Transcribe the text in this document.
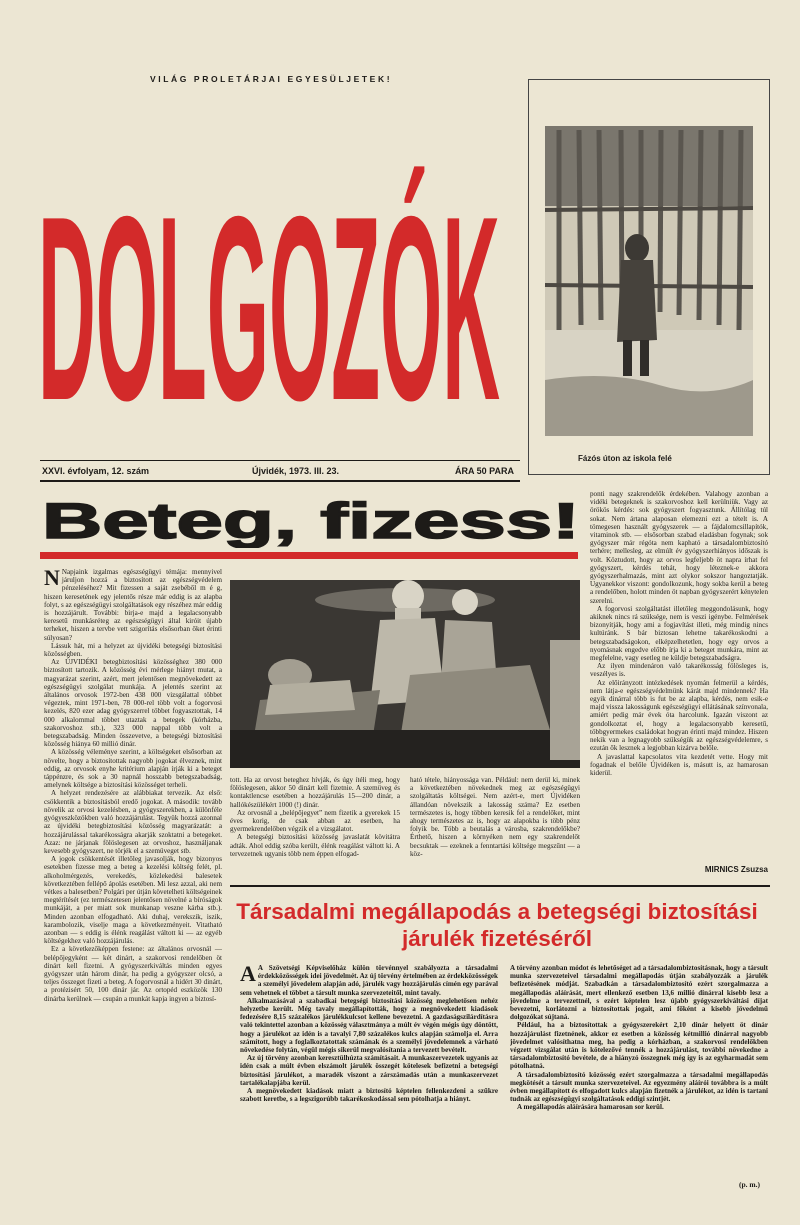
VILÁG PROLETÁRJAI EGYESÜLJETEK!
DOLGOZÓK
Fázós úton az iskola felé
XXVI. évfolyam, 12. szám	Újvidék, 1973. III. 23.	ÁRA 50 PARA
Beteg, fizess!

N Napjaink izgalmas egészségügyi témája: mennyivel járuljon hozzá a biztosított az egészségvédelem pénzeléséhez? Mit fizessen a saját zsebéből m é g, hiszen keresetének egy jelentős része már eddig is az alapba folyt, s az egészségügyi szolgáltatások egy részéhez már eddig is hozzájárult. További: birja-e majd a legalacsonyabb keresetű munkásréteg az egészségügyi által kiróit újabb terheket, hiszen a tervbe vett szigorítás elsősorban őket érinti súlyosan?

Lássuk hát, mi a helyzet az újvidéki betegségi biztosítási közösségben.

Az ÚJVIDÉKI betegbiztosítási közösséghez 380 000 biztosított tartozik. A közösség évi mérlege hiányt mutat, a magyarázat szerint, azért, mert jelentősen megnövekedett az egészségügyi szolgálat munkája. A jelentés szerint az általános orvosok 1972-ben 438 000 vizsgálattal többet végeztek, mint 1971-ben, 78 000-rel több volt a fogorvosi kezelés, 820 ezer adag gyógyszerrel többet fogyasztottak, 14 000 alkalommal többet utaztak a betegek (kórházba, szakorvoshoz stb.), 323 000 nappal több volt a betegszabadság. Minden összevetve, a betegségi biztosítási közösség hiánya 60 millió dinár.

A közösség véleménye szerint, a költségeket elsősorban az növelte, hogy a biztosítottak nagyobb jogokat élveznek, mint eddig, az orvosok enyhe kritérium alapján írják ki a beteget táppénzre, és sok a 30 napnál hosszabb betegszabadság, amelynek költsége a biztosítási közösséget terheli.

A helyzet rendezésére az alábbiakat tervezik. Az első: csökkentik a biztosításból eredő jogokat. A második: tovább növelik az orvosi kezelésben, a gyógyszerekben, a különféle gyógyeszközökben való hozzájárulást. Tegyük hozzá azonnal az újvidéki betegbiztosítási közösség magyarázatát: a hozzájárulással takarékosságra akarják szoktatni a betegeket. Azaz: ne járjanak fölöslegesen az orvoshoz, használjanak kevesebb gyógyszert, ne törjék el a szemüveget stb.

A jogok csökkentését illetőleg javasolják, hogy bizonyos esetekben fizesse meg a beteg a kezelési költség felét, pl. alkoholmérgezés, verekedés, közlekedési balesetek következtében fellépő ápolás esetében. Mi lesz azzal, aki nem vétkes a balesetben? Polgári per útján követelheti költségeinek megtérítését (ez természetesen jelentősen növelné a bíróságok munkáját, a per miatt sok munkanap veszne kárba stb.). Minden azonban elfogadható. Aki duhaj, verekszik, iszik, karambolozik, viselje maga a következményeit. Vitatható azonban — s eddig is élénk reagálást váltott ki — az egyéb költségekhez való hozzájárulás.

Ez a következőképpen festene: az általános orvosnál — belépőjegyként — két dinárt, a szakorvosi rendelőben öt dinárt kell fizetni. A gyógyszerkiváltás minden egyes gyógyszer után három dinár, ha pedig a gyógyszer olcsó, a teljes összeget fizeti a beteg. A fogorvosnál a hidért 30 dinárt, a protézisért 50, 100 dinár jár. Az ortopéd eszközök 130 dinárba kerülnek — csupán a munkát kapja ingyen a biztosí-

tott. Ha az orvost beteghez hívják, és úgy ítéli meg, hogy fölöslegesen, akkor 50 dinárt kell fizetnie. A szemüveg és kontaktlencse esetében a hozzájárulás 15—200 dinár, a hallókészülékért 1000 (!) dinár.

Az orvosnál a „belépőjegyet” nem fizetik a gyerekek 15 éves korig, de csak abban az esetben, ha gyermekrendelőben végzik el a vizsgálatot.

A betegségi biztosítási közösség javaslatát kövitátra adták. Ahol eddig szóba került, élénk reagálást váltott ki. A tervezetnek ugyanis több nem éppen elfogad-

ható tétele, hiányossága van. Például: nem derül ki, minek a következtében növekednek meg az egészségügyi szolgáltatás költségei. Nem azért-e, mert Újvidéken állandóan növekszik a lakosság száma? Ez esetben természetes is, hogy többen keresik fel a rendelőket, mint ahogy természetes az is, hogy az alapokba is több pénz folyik be. Több a beutalás a városba, szakrendelőkbe? Érthető, hiszen a környéken nem egy szakrendelőt becsuktak — ezeknek a fenntartási költsége megszűnt — a köz-

ponti nagy szakrendelők érdekében. Valahogy azonban a vidéki betegeknek is szakorvoshoz kell kerülniük. Vagy az örökös kérdés: sok gyógyszert fogyasztunk. Állítólag túl sokat. Nem ártana alaposan elemezni ezt a tételt is. A tömegesen használt gyógyszerek — a fájdalomcsillapítók, vitaminok stb. — elsősorban szabad eladásban fogynak; sok gyógyszer már régóta nem kapható a társadalombiztosító terhére; mellesleg, az elmúlt év gyógyszerhiányos időszak is volt. Köztudott, hogy az orvos legfeljebb öt napra írhat fel gyógyszert, kérdés tehát, hogy léteznek-e akkora gyógyszerhalmazás, mint azt olykor sokszor hangoztatják. Ugyanekkor viszont: gondolkozunk, hogy sokba kerül a beteg a rendelőben, holott minden öt napban gyógyszerért kénytelen szerelni.

A fogorvosi szolgáltatást illetőleg meggondolásunk, hogy akiknek nincs rá szüksége, nem is veszi igénybe. Felmérések bizonyítják, hogy ami a fogjavítást illeti, még mindig nincs kultúránk. S bár biztosan lehetne takarékoskodni a betegszabadságokon, elképzelhetetlen, hogy egy orvos a nyomásnak engedve előbb írja ki a beteget munkára, mint az megfelelne, vagy esetleg ne küldje betegszabadságra.

Az ilyen mindenáron való takarékosság fölösleges is, veszélyes is.

Az előirányzott intézkedések nyomán felmerül a kérdés, nem látja-e egészségvédelmünk kárát majd mindennek? Ha egyik dinárral több is fut be az alapba, kérdés, nem esik-e majd vissza lakosságunk egészségügyi ellátásának színvonala, amiért pedig már évek óta harcolunk. Igazán viszont az gondolkoztat el, hogy a legalacsonyabb keresetű, többgyermekes családokat hogyan érinti majd mindez. Hiszen nekik van a legnagyobb szükségük az egészségvédelemre, s ezután ők lesznek a legjobban kizárva belőle.

A javaslattal kapcsolatos vita kezdetét vette. Hogy mit fogadnak el belőle Újvidéken is, másutt is, az hamarosan kiderül.

MIRNICS Zsuzsa
Társadalmi megállapodás a betegségi biztosítási járulék fizetéséről

A A Szövetségi Képviselőház külön törvénnyel szabályozta a társadalmi érdekközösségek idei jövedelmét. Az új törvény értelmében az érdekközösségek a személyi jövedelem alapján adó, járulék vagy hozzájárulás címén egy parával sem vehetnek el többet a társult munka szervezeteitől, mint tavaly.

Alkalmazásával a szabadkai betegségi biztosítási közösség meglehetősen nehéz helyzetbe került. Még tavaly megállapították, hogy a megnövekedett kiadások fedezésére 8,15 százalékos járulékkulcsot kellene bevezetni. A gazdaságszilárdításra való tekintettel azonban a közösség választmánya a múlt év végén mégis úgy döntött, hogy a járulékot az idén is a tavalyi 7,80 százalékos kulcs alapján számolja el. Arra számított, hogy a foglalkoztatottak számának és a személyi jövedelemnek a várható növekedése folytán, végül mégis sikerül megvalósítania a tervezett bevételt.

Az új törvény azonban keresztülhúzta számításait. A munkaszervezetek ugyanis az idén csak a múlt évben elszámolt járulék összegét kötelesek befizetni a betegségi biztosítási járulékot, a maradék viszont a zárszámadás után a munkaszervezet tartalékalapjába kerül.

A megnövekedett kiadások miatt a biztosító képtelen fellenkezdeni a szűkre szabott keretbe, s a legszigorúbb takarékoskodással sem pótolhatja a hiányt.

A törvény azonban módot és lehetőséget ad a társadalombiztosításnak, hogy a társult munka szervezeteivel társadalmi megállapodás útján szabályozzák a járulék befizetésének módját. Szabadkán a társadalombiztosító ezért szorgalmazza a megállapodás aláírását, mert ellenkező esetben 13,6 millió dinárral kisebb lesz a jövedelme a tervezettnél, s ezért képtelen lesz újabb gyógyszerkiváltási díjat bevezetni, korlátozni a biztosítottak jogait, ami főként a kisebb jövedelmű dolgozókat sújtaná.

Például, ha a biztosítottak a gyógyszerekért 2,10 dinár helyett öt dinár hozzájárulást fizetnének, akkor ez esetben a közösség kétmillió dinárral nagyobb jövedelmet valósíthatna meg, ha pedig a kórházban, a szakorvosi rendelőkben végzett vizsgálat után is kötelezővé tennék a hozzájárulást, további növekedne a társadalombiztosító bevétele, de a hiányzó összegnek még így is az egyharmadát sem pótolhatná.

A társadalombiztosító közösség ezért szorgalmazza a társadalmi megállapodás megkötését a társult munka szervezeteivel. Az egyezmény aláírói továbbra is a múlt évben megállapított és elfogadott kulcs alapján fizetnék a járulékot, az idén is tartani tudnák az egészségügyi szolgáltatások eddigi szintjét.

A megállapodás aláírására hamarosan sor kerül.

(p. m.)
